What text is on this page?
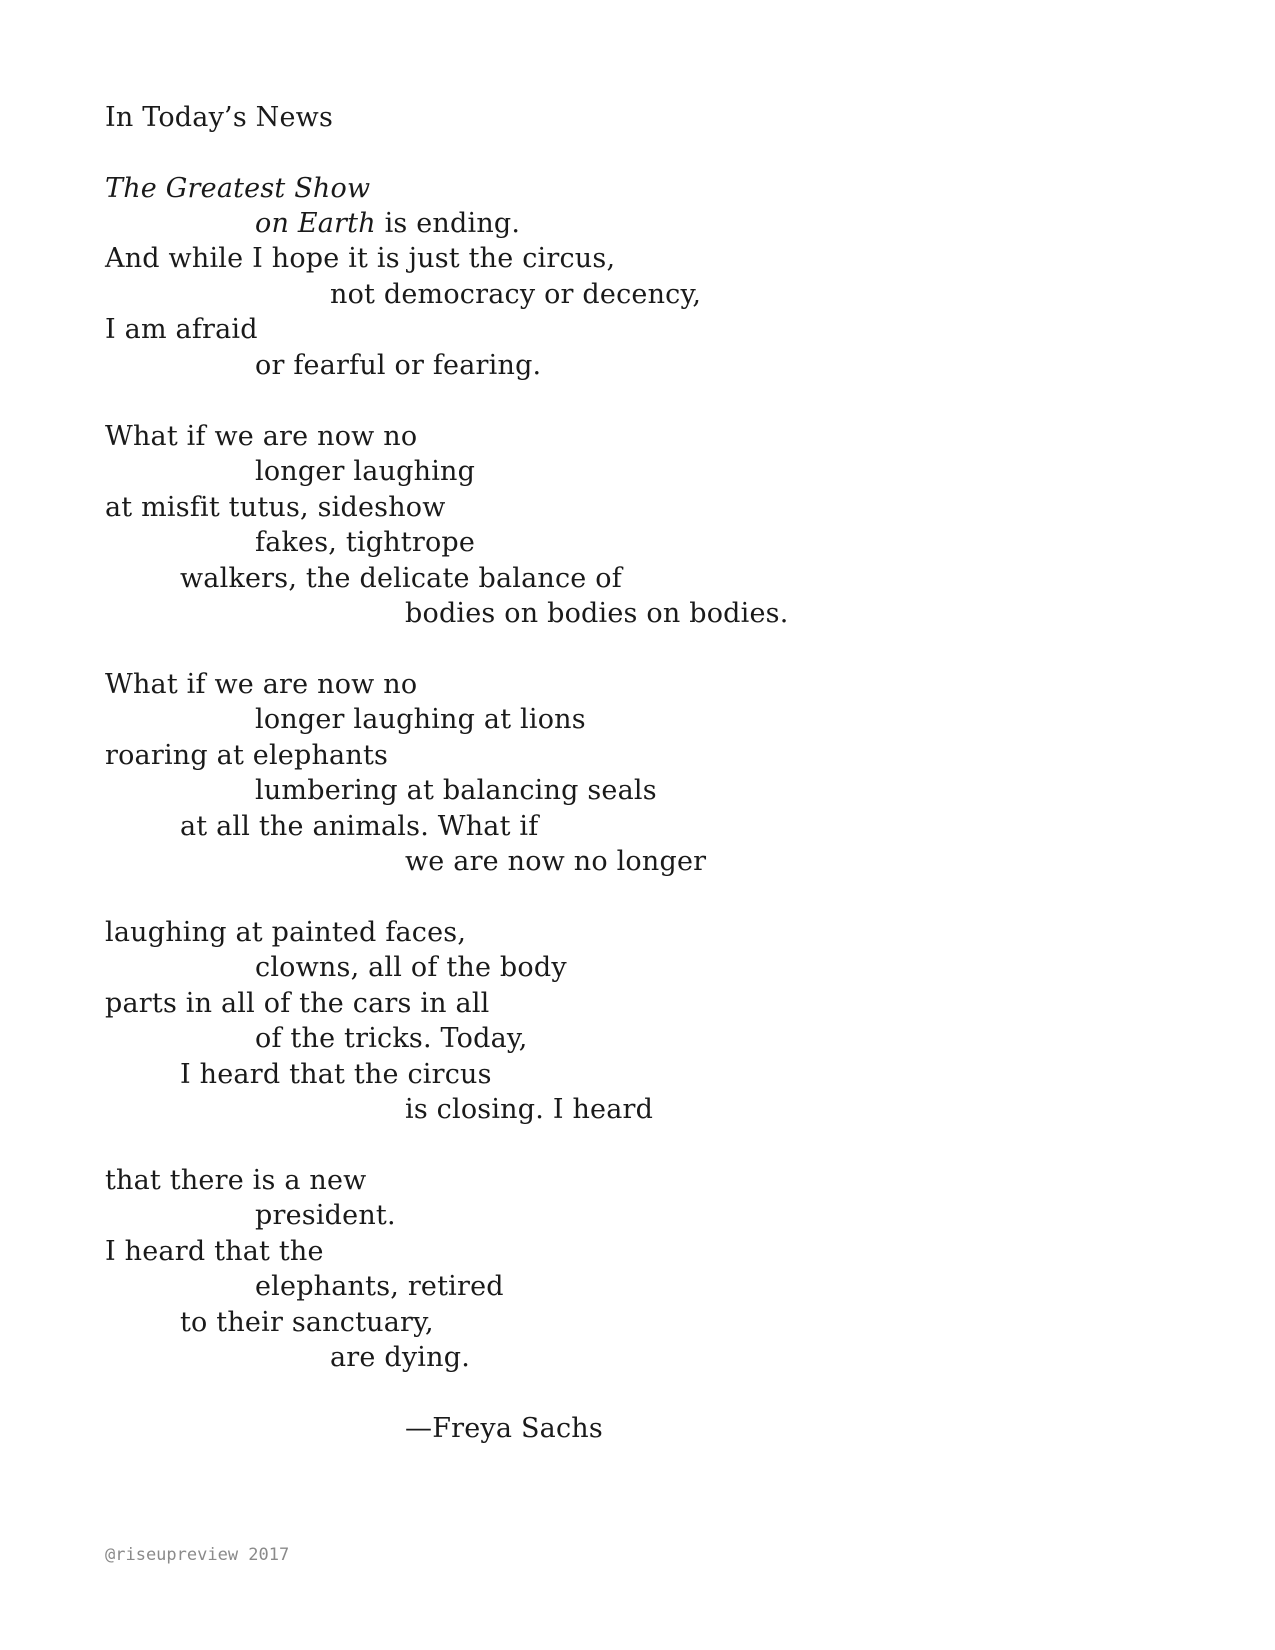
In Today’s News
The Greatest Show
on Earth is ending.
And while I hope it is just the circus,
not democracy or decency,
I am afraid
or fearful or fearing.
What if we are now no
longer laughing
at misfit tutus, sideshow
fakes, tightrope
walkers, the delicate balance of
bodies on bodies on bodies.
What if we are now no
longer laughing at lions
roaring at elephants
lumbering at balancing seals
at all the animals. What if
we are now no longer
laughing at painted faces,
clowns, all of the body
parts in all of the cars in all
of the tricks. Today,
I heard that the circus
is closing. I heard
that there is a new
president.
I heard that the
elephants, retired
to their sanctuary,
are dying.
—Freya Sachs
@riseupreview 2017
